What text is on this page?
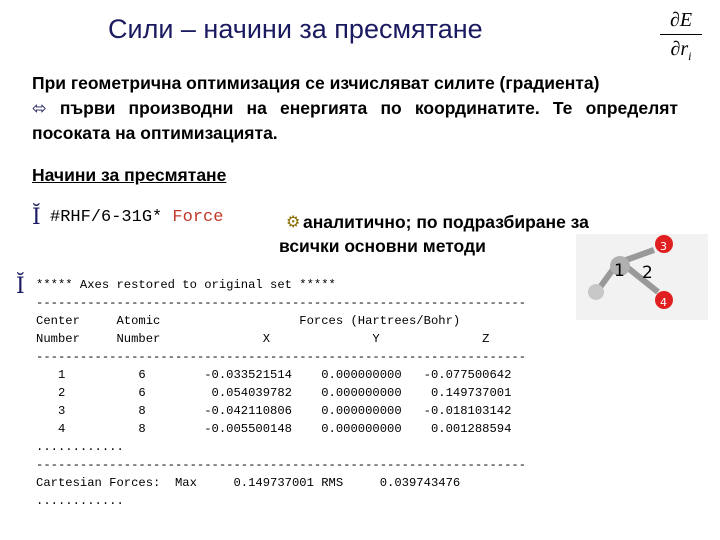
Сили – начини за пресмятане	∂E
$\partial r_i$
При геометрична оптимизация се изчисляват силите (градиента)
⬄ първи производни на енергията по координатите. Те определят посоката на оптимизацията.
Начини за пресмятане
Ĭ #RHF/6-31G* Force	⚙ аналитично; по подразбиране за всички основни методи
Ĭ ***** Axes restored to original set *****
-------------------------------------------------------------------
Center     Atomic                   Forces (Hartrees/Bohr)
Number     Number              X              Y              Z
-------------------------------------------------------------------
1          6        -0.033521514    0.000000000   -0.077500642
2          6         0.054039782    0.000000000    0.149737001
3          8        -0.042110806    0.000000000   -0.018103142
4          8        -0.005500148    0.000000000    0.001288594
............
-------------------------------------------------------------------
Cartesian Forces:  Max     0.149737001 RMS     0.039743476
............
1 2
3
4
